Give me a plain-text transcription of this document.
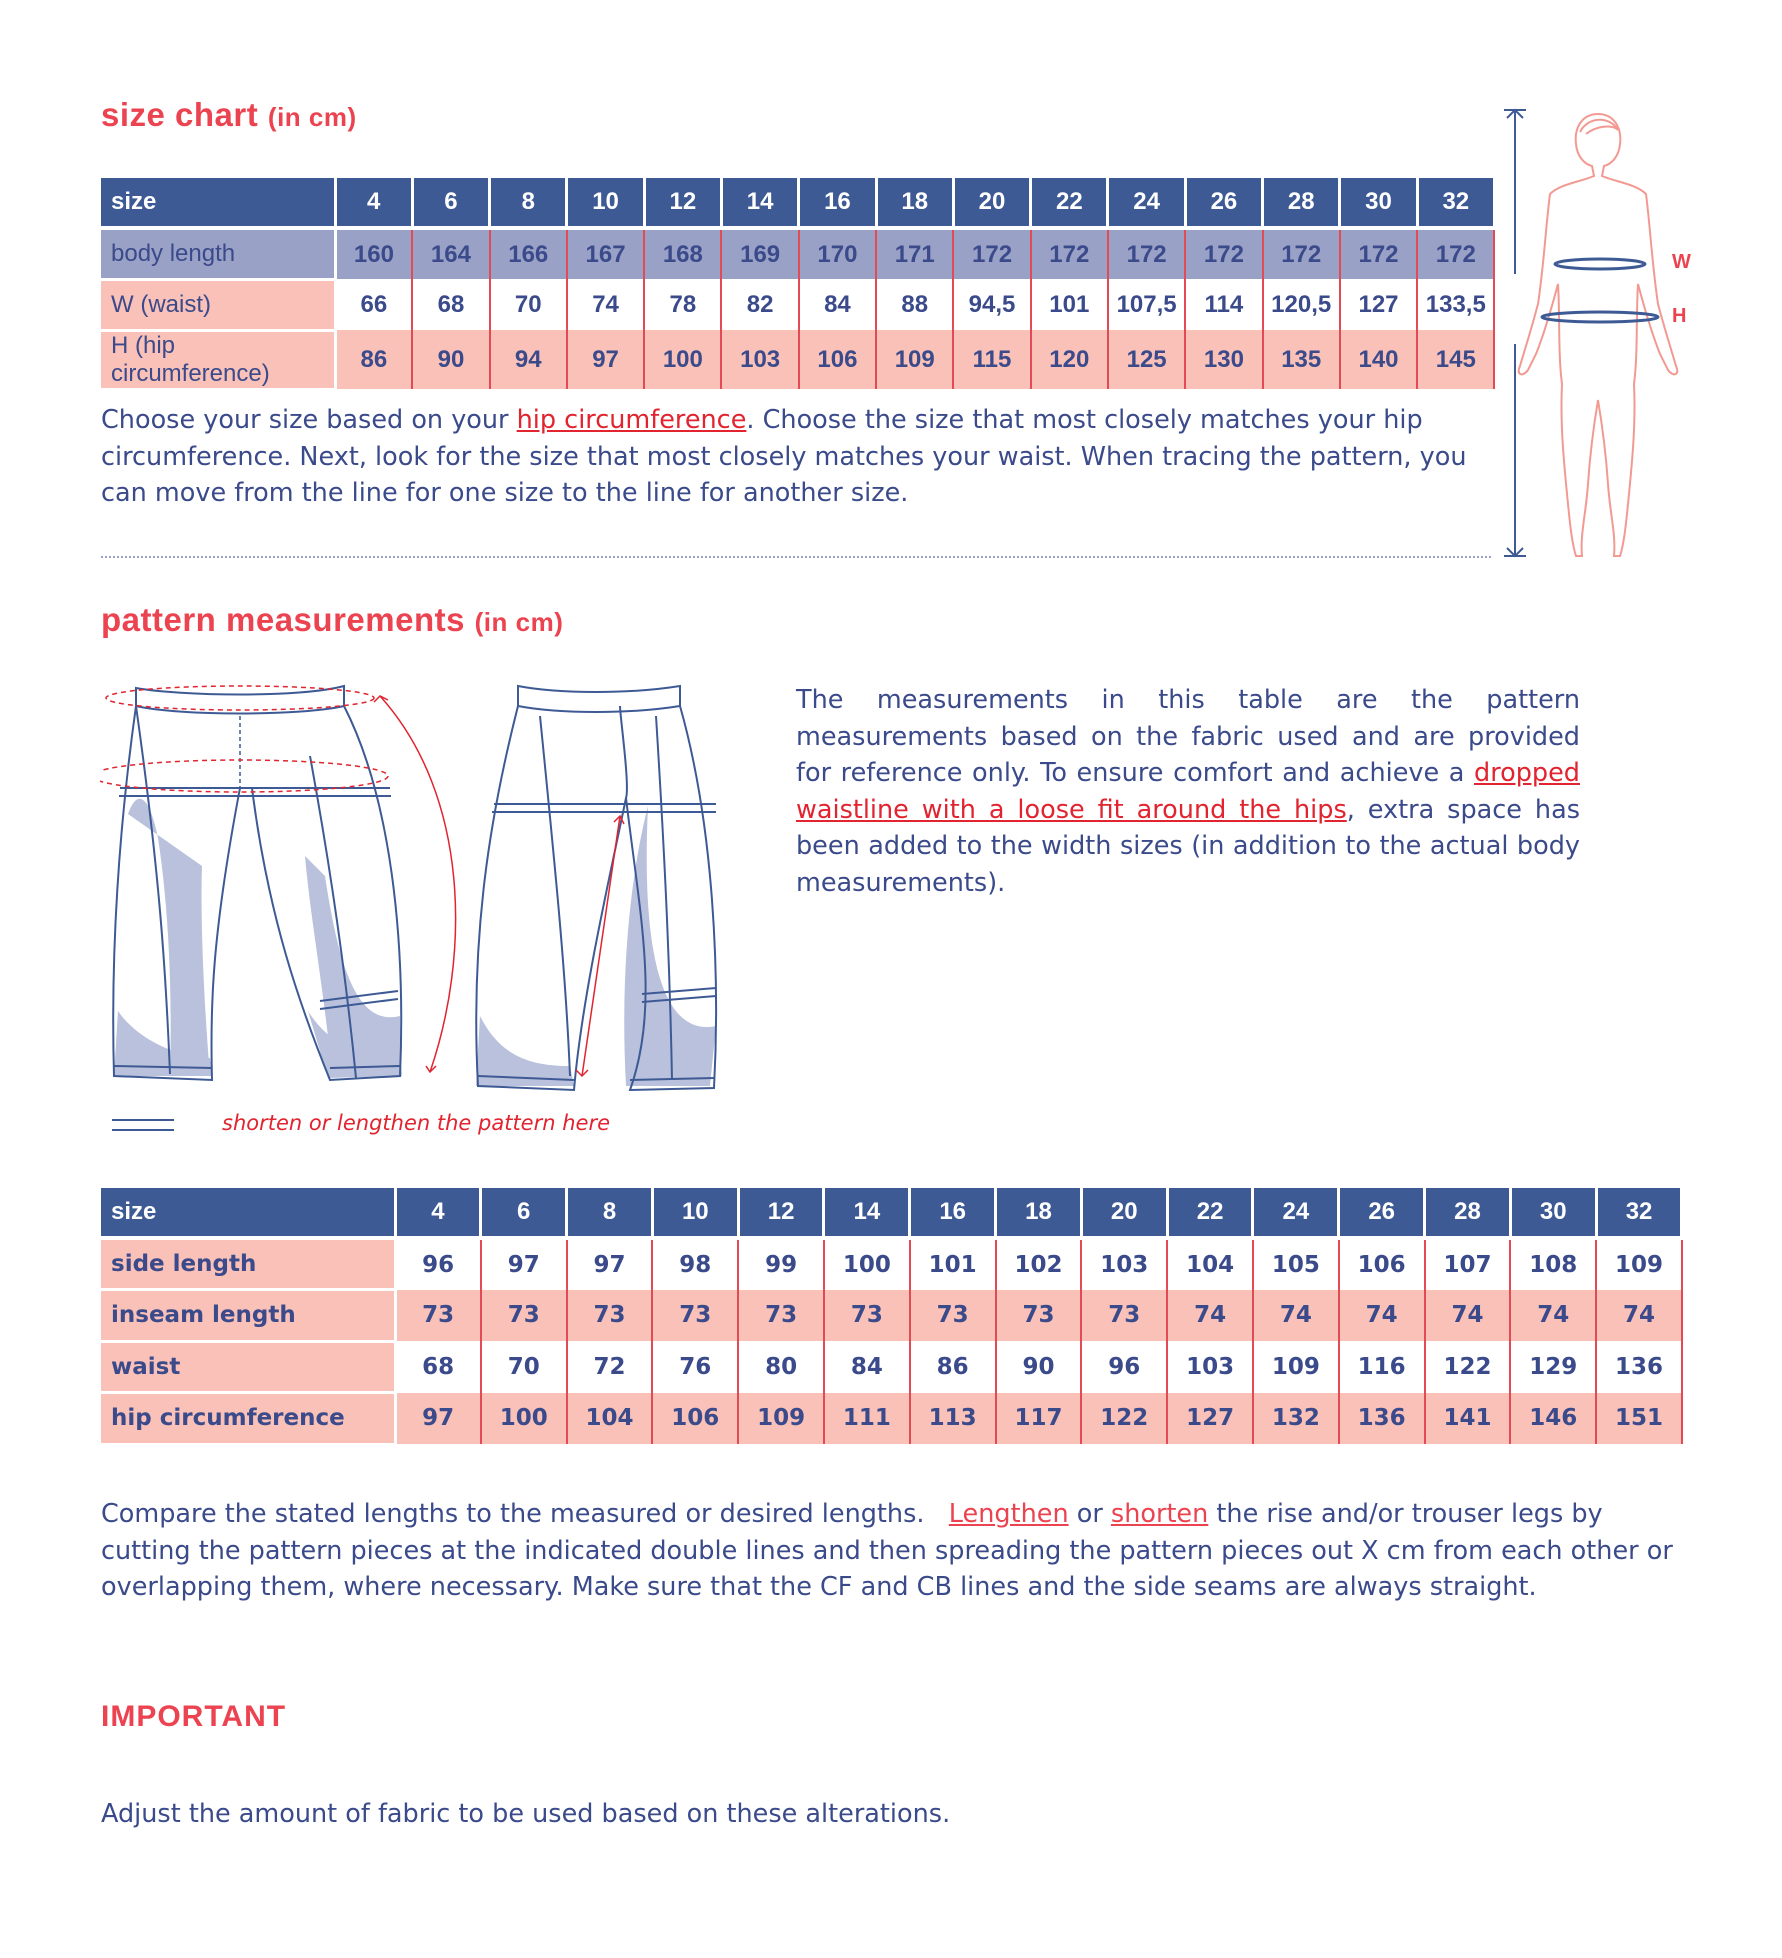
size chart (in cm)
size	4	6	8	10	12	14	16	18	20	22	24	26	28	30	32
body length	160	164	166	167	168	169	170	171	172	172	172	172	172	172	172
W (waist)	66	68	70	74	78	82	84	88	94,5	101	107,5	114	120,5	127	133,5
H (hip circumference)	86	90	94	97	100	103	106	109	115	120	125	130	135	140	145
Choose your size based on your hip circumference. Choose the size that most closely matches your hip circumference. Next, look for the size that most closely matches your waist. When tracing the pattern, you can move from the line for one size to the line for another size.
W
H
pattern measurements (in cm)
shorten or lengthen the pattern here
The measurements in this table are the pattern measurements based on the fabric used and are provided for reference only. To ensure comfort and achieve a dropped waistline with a loose fit around the hips, extra space has been added to the width sizes (in addition to the actual body measurements).
size	4	6	8	10	12	14	16	18	20	22	24	26	28	30	32
side length	96	97	97	98	99	100	101	102	103	104	105	106	107	108	109
inseam length	73	73	73	73	73	73	73	73	73	74	74	74	74	74	74
waist	68	70	72	76	80	84	86	90	96	103	109	116	122	129	136
hip circumference	97	100	104	106	109	111	113	117	122	127	132	136	141	146	151
Compare the stated lengths to the measured or desired lengths.   Lengthen or shorten the rise and/or trouser legs by cutting the pattern pieces at the indicated double lines and then spreading the pattern pieces out X cm from each other or overlapping them, where necessary. Make sure that the CF and CB lines and the side seams are always straight.
IMPORTANT
Adjust the amount of fabric to be used based on these alterations.
